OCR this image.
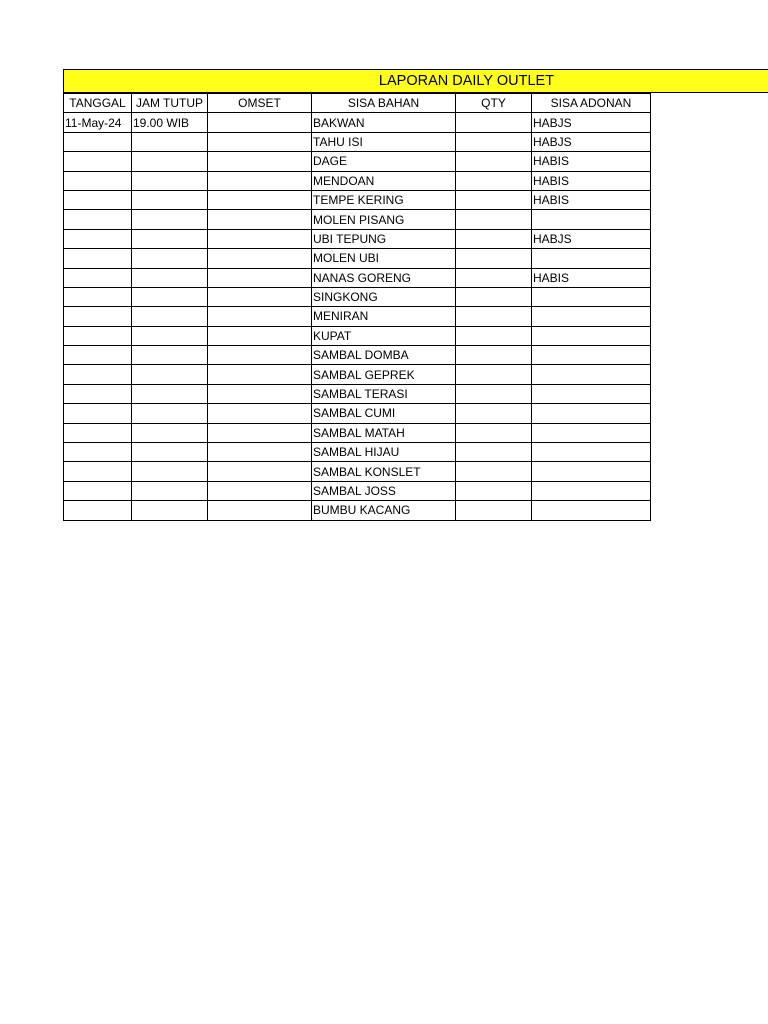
LAPORAN DAILY OUTLET
TANGGAL	JAM TUTUP	OMSET	SISA BAHAN	QTY	SISA ADONAN
11-May-24	19.00 WIB		BAKWAN		HABJS
			TAHU ISI		HABJS
			DAGE		HABIS
			MENDOAN		HABIS
			TEMPE KERING		HABIS
			MOLEN PISANG		
			UBI TEPUNG		HABJS
			MOLEN UBI		
			NANAS GORENG		HABIS
			SINGKONG		
			MENIRAN		
			KUPAT		
			SAMBAL DOMBA		
			SAMBAL GEPREK		
			SAMBAL TERASI		
			SAMBAL CUMI		
			SAMBAL MATAH		
			SAMBAL HIJAU		
			SAMBAL KONSLET		
			SAMBAL JOSS		
			BUMBU KACANG		
